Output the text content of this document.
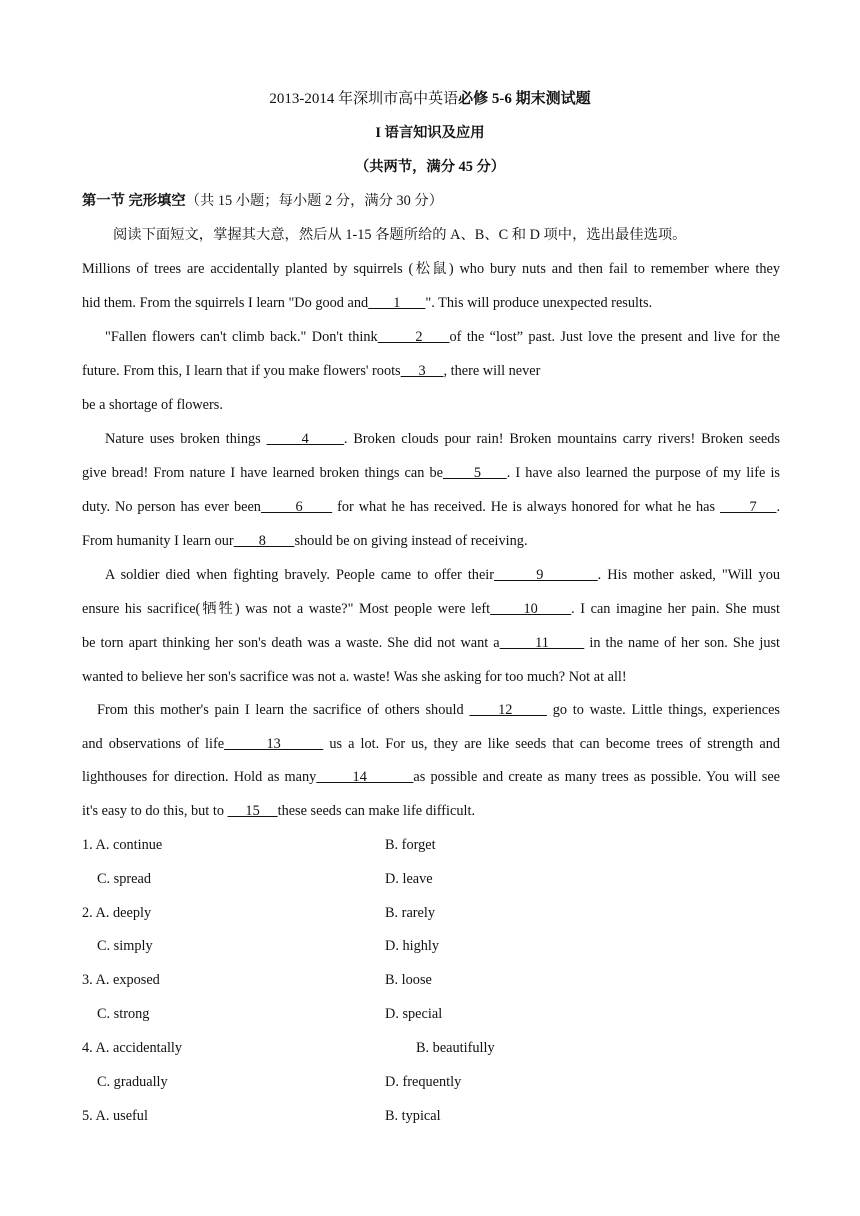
2013-2014 年深圳市高中英语必修 5-6 期末测试题
I 语言知识及应用
（共两节，满分 45 分）
第一节 完形填空（共 15 小题；每小题 2 分，满分 30 分）
阅读下面短文，掌握其大意，然后从 1-15 各题所给的 A、B、C 和 D 项中，选出最佳选项。
Millions of trees are accidentally planted by squirrels (松鼠) who bury nuts and then fail to remember where they
hid them. From the squirrels I learn "Do good and       1       ". This will produce unexpected results.
"Fallen flowers can't climb back." Don't think       2     of the “lost” past. Just love the present and live for the
future. From this, I learn that if you make flowers' roots     3     , there will never
be a shortage of flowers.
Nature uses broken things       4      . Broken clouds pour rain! Broken mountains carry rivers! Broken seeds
give bread! From nature I have learned broken things can be      5     . I have also learned the purpose of my life is
duty. No person has ever been       6       for what he has received. He is always honored for what he has       7    .
From humanity I learn our       8        should be on giving instead of receiving.
A soldier died when fighting bravely. People came to offer their       9         . His mother asked, "Will you
ensure his sacrifice(牺牲) was not a waste?" Most people were left      10      . I can imagine her pain. She must
be torn apart thinking her son's death was a waste. She did not want a       11        in the name of her son. She just
wanted to believe her son's sacrifice was not a. waste! Was she asking for too much? Not at all!
From this mother's pain I learn the sacrifice of others should      12       go to waste. Little things, experiences
and observations of life       13        us a lot. For us, they are like seeds that can become trees of strength and
lighthouses for direction. Hold as many       14         as possible and create as many trees as possible. You will see
it's easy to do this, but to      15     these seeds can make life difficult.
1. A. continue	B. forget
C. spread	D. leave
2. A. deeply	B. rarely
C. simply	D. highly
3. A. exposed	B. loose
C. strong	D. special
4. A. accidentally	B. beautifully
C. gradually	D. frequently
5. A. useful	B. typical
